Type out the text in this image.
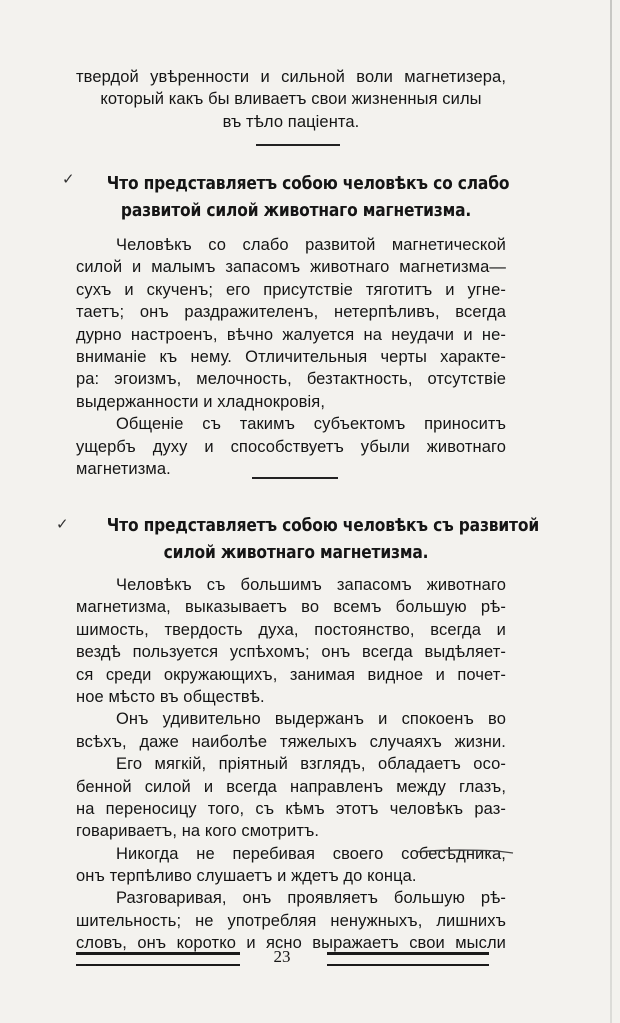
твердой увѣренности и сильной воли магнетизера,
который какъ бы вливаетъ свои жизненныя силы
въ тѣло пацiента.
✓ Что представляетъ собою человѣкъ со слабо
развитой силой животнаго магнетизма.
Человѣкъ со слабо развитой магнетической
силой и малымъ запасомъ животнаго магнетизма—
сухъ и скученъ; его присутствiе тяготитъ и угне-
таетъ; онъ раздражителенъ, нетерпѣливъ, всегда
дурно настроенъ, вѣчно жалуется на неудачи и не-
вниманiе къ нему. Отличительныя черты характе-
ра: эгоизмъ, мелочность, безтактность, отсутствiе
выдержанности и хладнокровiя,
Общенiе съ такимъ субъектомъ приноситъ
ущербъ духу и способствуетъ убыли животнаго
магнетизма.
✓ Что представляетъ собою человѣкъ съ развитой
силой животнаго магнетизма.
Человѣкъ съ большимъ запасомъ животнаго
магнетизма, выказываетъ во всемъ большую рѣ-
шимость, твердость духа, постоянство, всегда и
вездѣ пользуется успѣхомъ; онъ всегда выдѣляет-
ся среди окружающихъ, занимая видное и почет-
ное мѣсто въ обществѣ.
Онъ удивительно выдержанъ и спокоенъ во
всѣхъ, даже наиболѣе тяжелыхъ случаяхъ жизни.
Его мягкiй, прiятный взглядъ, обладаетъ осо-
бенной силой и всегда направленъ между глазъ,
на переносицу того, съ кѣмъ этотъ человѣкъ раз-
говариваетъ, на кого смотритъ.
Никогда не перебивая своего собесѣдника,
онъ терпѣливо слушаетъ и ждетъ до конца.
Разговаривая, онъ проявляетъ большую рѣ-
шительность; не употребляя ненужныхъ, лишнихъ
словъ, онъ коротко и ясно выражаетъ свои мысли
23
